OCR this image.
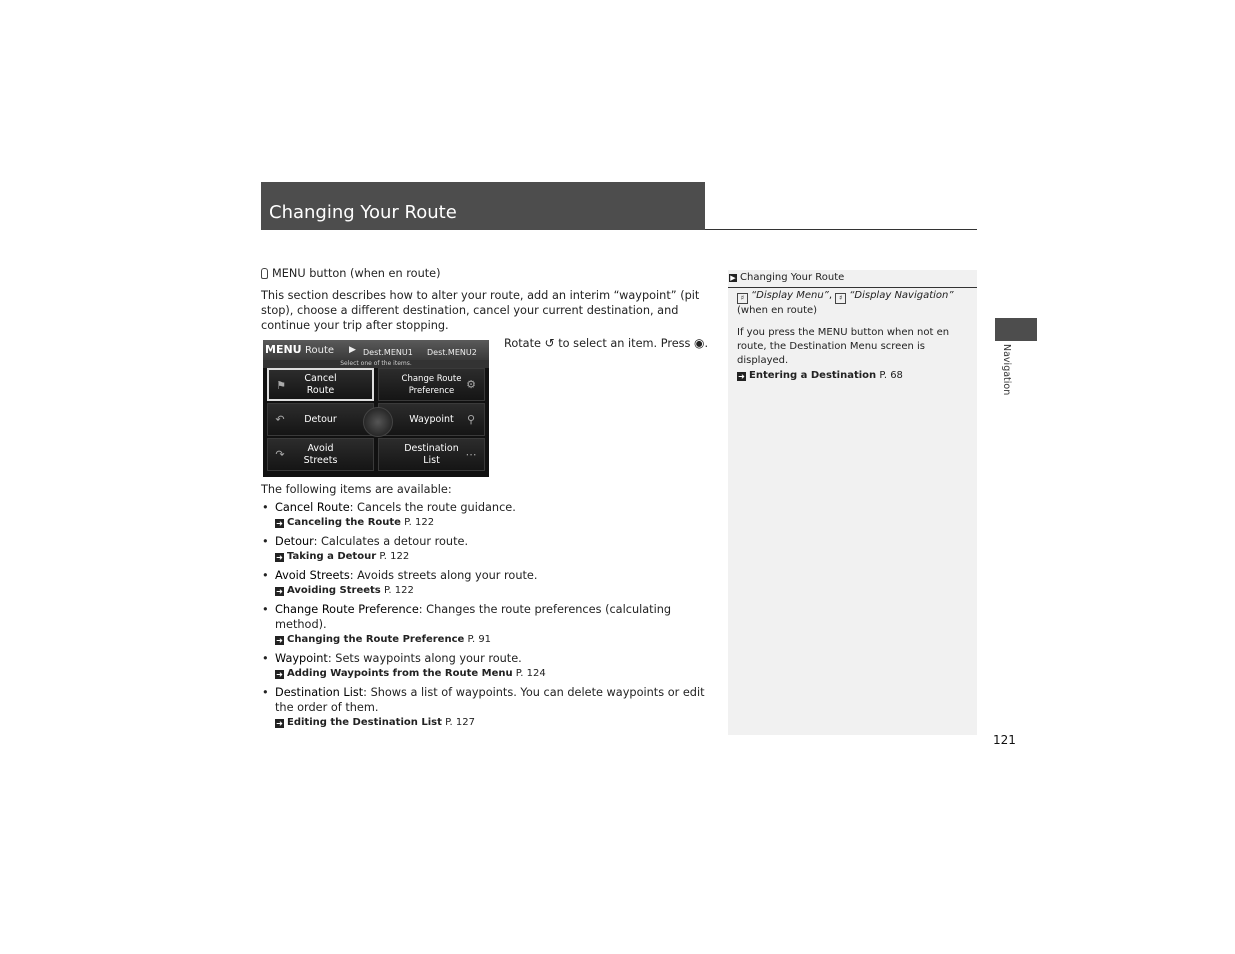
Changing Your Route

MENU button (when en route)

This section describes how to alter your route, add an interim “waypoint” (pit stop), choose a different destination, cancel your current destination, and continue your trip after stopping.

MENU Route ▶ Dest.MENU1 Dest.MENU2
Select one of the items.
⚑
Cancel
Route	⚙
Change Route
Preference
↶ Detour	⚲
Waypoint
↷	Avoid
Streets	⋯
Destination
List

Rotate ↺ to select an item. Press ◉.

The following items are available:

• Cancel Route: Cancels the route guidance.
➜ Canceling the Route P. 122
• Detour: Calculates a detour route.
➜ Taking a Detour P. 122
• Avoid Streets: Avoids streets along your route.
➜ Avoiding Streets P. 122
• Change Route Preference: Changes the route preferences (calculating method).
➜ Changing the Route Preference P. 91
• Waypoint: Sets waypoints along your route.
➜ Adding Waypoints from the Route Menu P. 124
• Destination List: Shows a list of waypoints. You can delete waypoints or edit the order of them.
➜ Editing the Destination List P. 127
▶ Changing Your Route

♯ “Display Menu”, ♯ “Display Navigation”

(when en route)

If you press the MENU button when not en route, the Destination Menu screen is displayed.

➜ Entering a Destination P. 68	Navigation
121
